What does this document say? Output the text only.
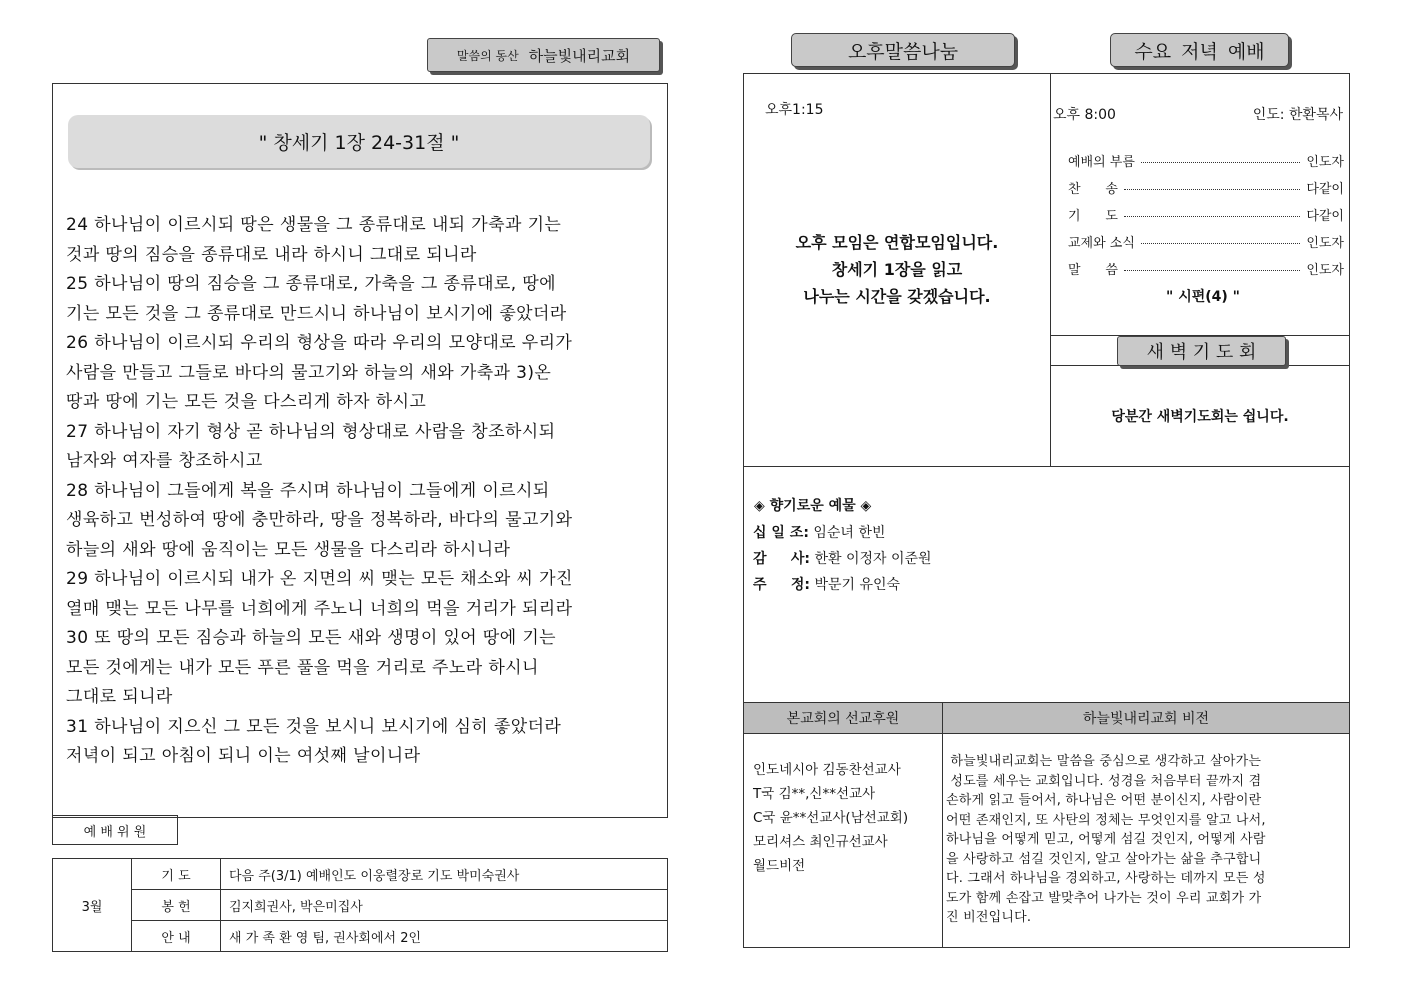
말씀의 동산 하늘빛내리교회
" 창세기 1장 24-31절 "
24 하나님이 이르시되 땅은 생물을 그 종류대로 내되 가축과 기는
것과 땅의 짐승을 종류대로 내라 하시니 그대로 되니라
25 하나님이 땅의 짐승을 그 종류대로, 가축을 그 종류대로, 땅에
기는 모든 것을 그 종류대로 만드시니 하나님이 보시기에 좋았더라
26 하나님이 이르시되 우리의 형상을 따라 우리의 모양대로 우리가
사람을 만들고 그들로 바다의 물고기와 하늘의 새와 가축과 3)온
땅과 땅에 기는 모든 것을 다스리게 하자 하시고
27 하나님이 자기 형상 곧 하나님의 형상대로 사람을 창조하시되
남자와 여자를 창조하시고
28 하나님이 그들에게 복을 주시며 하나님이 그들에게 이르시되
생육하고 번성하여 땅에 충만하라, 땅을 정복하라, 바다의 물고기와
하늘의 새와 땅에 움직이는 모든 생물을 다스리라 하시니라
29 하나님이 이르시되 내가 온 지면의 씨 맺는 모든 채소와 씨 가진
열매 맺는 모든 나무를 너희에게 주노니 너희의 먹을 거리가 되리라
30 또 땅의 모든 짐승과 하늘의 모든 새와 생명이 있어 땅에 기는
모든 것에게는 내가 모든 푸른 풀을 먹을 거리로 주노라 하시니
그대로 되니라
31 하나님이 지으신 그 모든 것을 보시니 보시기에 심히 좋았더라
저녁이 되고 아침이 되니 이는 여섯째 날이니라
예 배 위 원
3월	기 도	다음 주(3/1) 예배인도 이웅렬장로 기도 박미숙권사
	봉 헌	김지희권사, 박은미집사
	안 내	새 가 족 환 영 팀, 권사회에서 2인
오후말씀나눔	수요 저녁 예배
오후1:15
오후 모임은 연합모임입니다.
창세기 1장을 읽고
나누는 시간을 갖겠습니다.
오후 8:00	인도: 한환목사
예배의 부름	인도자
찬      송	다같이
기      도	다같이
교제와 소식	인도자
말      씀	인도자
" 시편(4) "
새 벽 기 도 회
당분간 새벽기도회는 쉽니다.
◈ 향기로운 예물 ◈
십 일 조: 임순녀 한빈
감     사: 한환 이정자 이준원
주     정: 박문기 유인숙
본교회의 선교후원	하늘빛내리교회 비전
인도네시아 김동찬선교사
T국 김**,신**선교사
C국 윤**선교사(남선교회)
모리셔스 최인규선교사
월드비전
하늘빛내리교회는 말씀을 중심으로 생각하고 살아가는
성도를 세우는 교회입니다. 성경을 처음부터 끝까지 겸
손하게 읽고 들어서, 하나님은 어떤 분이신지, 사람이란
어떤 존재인지, 또 사탄의 정체는 무엇인지를 알고 나서,
하나님을 어떻게 믿고, 어떻게 섬길 것인지, 어떻게 사람
을 사랑하고 섬길 것인지, 알고 살아가는 삶을 추구합니
다. 그래서 하나님을 경외하고, 사랑하는 데까지 모든 성
도가 함께 손잡고 발맞추어 나가는 것이 우리 교회가 가
진 비전입니다.
